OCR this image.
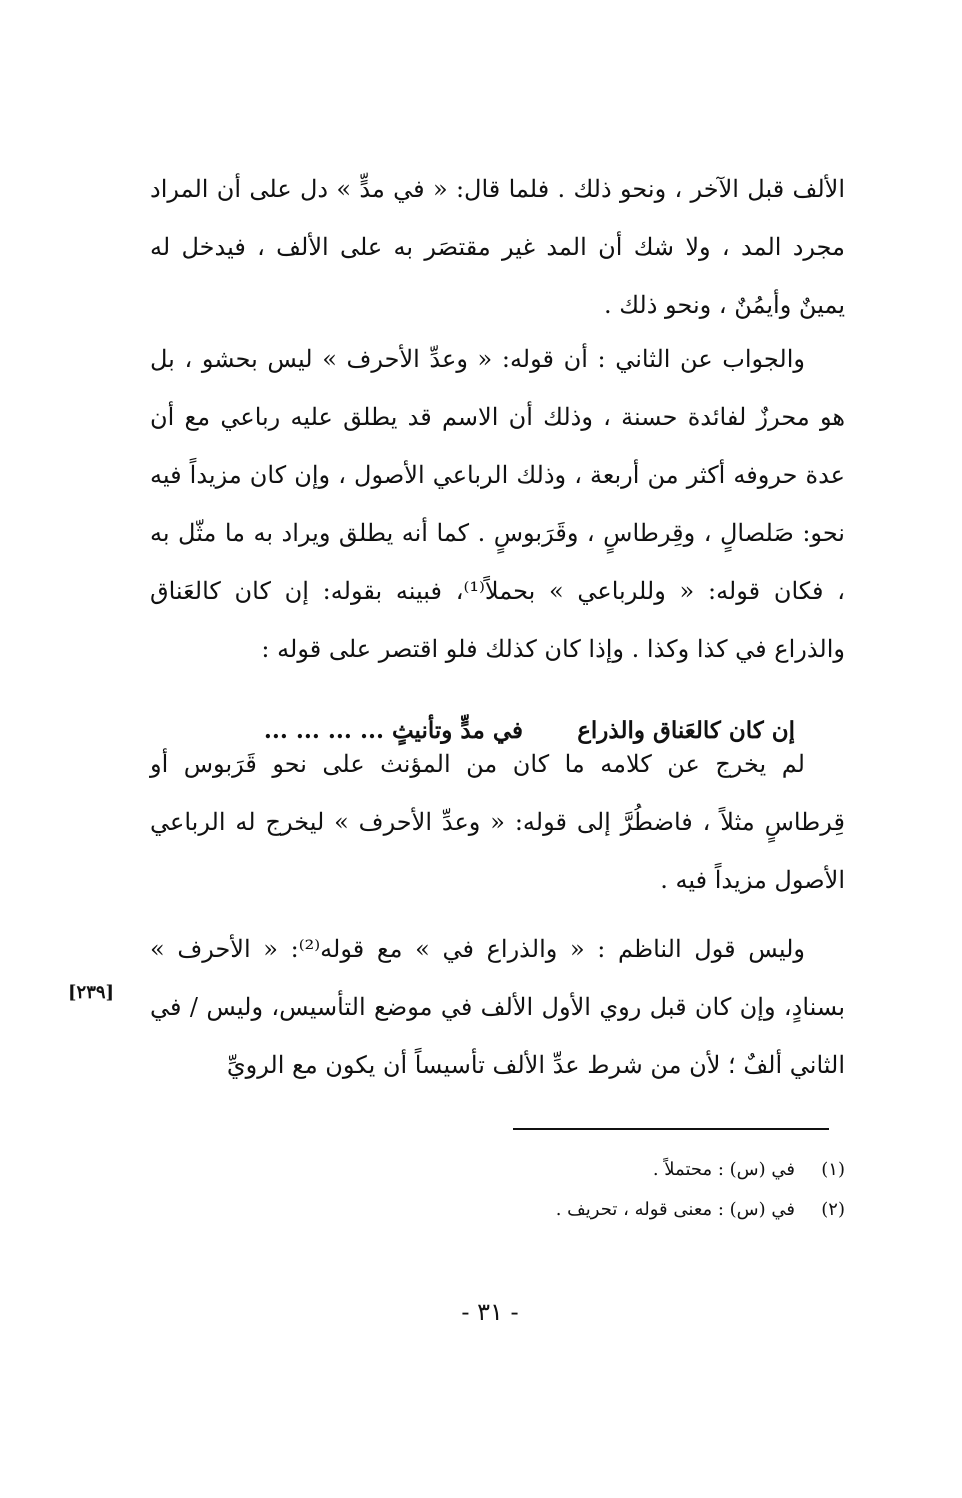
الألف قبل الآخر ، ونحو ذلك . فلما قال: « في مدٍّ » دل على أن المراد مجرد المد ، ولا شك أن المد غير مقتصَر به على الألف ، فيدخل له يمينٌ وأيمُنٌ ، ونحو ذلك .

والجواب عن الثاني : أن قوله: « وعدِّ الأحرف » ليس بحشو ، بل هو محرزٌ لفائدة حسنة ، وذلك أن الاسم قد يطلق عليه رباعي مع أن عدة حروفه أكثر من أربعة ، وذلك الرباعي الأصول ، وإن كان مزيداً فيه نحو: صَلصالٍ ، وقِرطاسٍ ، وقَرَبوسٍ . كما أنه يطلق ويراد به ما مثّل به ، فكان قوله: « وللرباعي » بحملاً⁽¹⁾، فبينه بقوله: إن كان كالعَناق والذراع في كذا وكذا . وإذا كان كذلك فلو اقتصر على قوله :

إن كان كالعَناق والذراع
في مدٍّ وتأنيثٍ ... ... ... ...

لم يخرج عن كلامه ما كان من المؤنث على نحو قَرَبوس أو قِرطاسٍ مثلاً ، فاضطُرَّ إلى قوله: « وعدِّ الأحرف » ليخرج له الرباعي الأصول مزيداً فيه .

وليس قول الناظم : « والذراع في » مع قوله⁽²⁾: « الأحرف » بسنادٍ، وإن كان قبل روي الأول الألف في موضع التأسيس، وليس / في الثاني ألفٌ ؛ لأن من شرط عدِّ الألف تأسيساً أن يكون مع الرويِّ

[٢٣٩]
(١)في (س) : محتملاً .
(٢)في (س) : معنى قوله ، تحريف .
- ٣١ -
